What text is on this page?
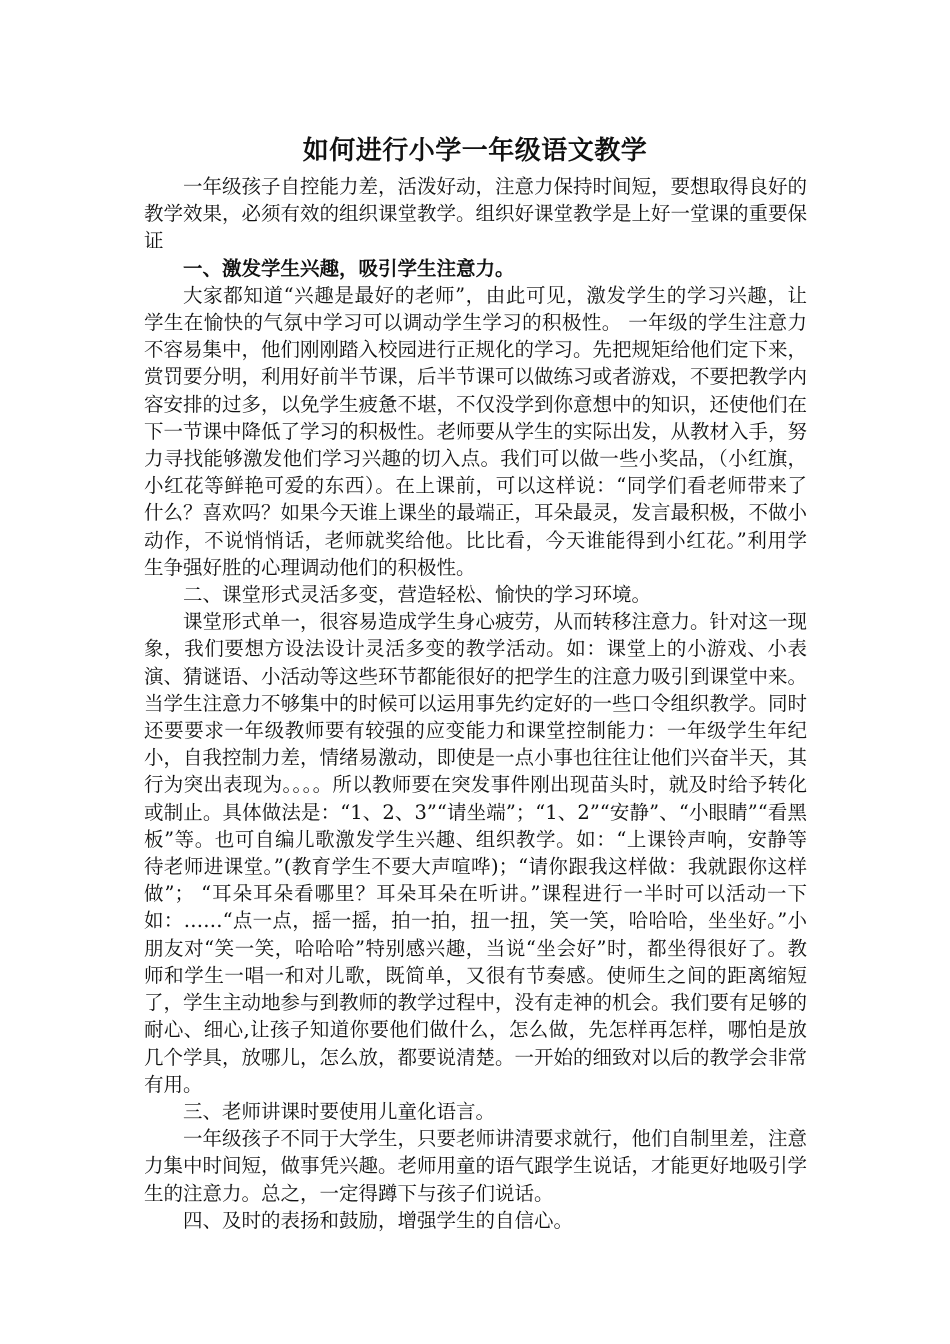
如何进行小学一年级语文教学

一年级孩子自控能力差，活泼好动，注意力保持时间短，要想取得良好的教学效果，必须有效的组织课堂教学。组织好课堂教学是上好一堂课的重要保证

一、激发学生兴趣，吸引学生注意力。

大家都知道“兴趣是最好的老师”，由此可见，激发学生的学习兴趣，让学生在愉快的气氛中学习可以调动学生学习的积极性。 一年级的学生注意力不容易集中，他们刚刚踏入校园进行正规化的学习。先把规矩给他们定下来，赏罚要分明，利用好前半节课，后半节课可以做练习或者游戏，不要把教学内容安排的过多，以免学生疲惫不堪，不仅没学到你意想中的知识，还使他们在下一节课中降低了学习的积极性。老师要从学生的实际出发，从教材入手，努力寻找能够激发他们学习兴趣的切入点。我们可以做一些小奖品，（小红旗，小红花等鲜艳可爱的东西）。在上课前，可以这样说：“同学们看老师带来了什么？喜欢吗？如果今天谁上课坐的最端正，耳朵最灵，发言最积极，不做小动作，不说悄悄话，老师就奖给他。比比看，今天谁能得到小红花。”利用学生争强好胜的心理调动他们的积极性。

二、课堂形式灵活多变，营造轻松、愉快的学习环境。

课堂形式单一，很容易造成学生身心疲劳，从而转移注意力。针对这一现象，我们要想方设法设计灵活多变的教学活动。如：课堂上的小游戏、小表演、猜谜语、小活动等这些环节都能很好的把学生的注意力吸引到课堂中来。当学生注意力不够集中的时候可以运用事先约定好的一些口令组织教学。同时还要要求一年级教师要有较强的应变能力和课堂控制能力：一年级学生年纪小，自我控制力差，情绪易激动，即使是一点小事也往往让他们兴奋半天，其行为突出表现为。。。。所以教师要在突发事件刚出现苗头时，就及时给予转化或制止。具体做法是：“1、2、3”“请坐端”；“1、2”“安静”、“小眼睛”“看黑板”等。也可自编儿歌激发学生兴趣、组织教学。如：“上课铃声响，安静等待老师进课堂。”(教育学生不要大声喧哗)；“请你跟我这样做：我就跟你这样做”； “耳朵耳朵看哪里？耳朵耳朵在听讲。”课程进行一半时可以活动一下如：……“点一点，摇一摇，拍一拍，扭一扭，笑一笑，哈哈哈，坐坐好。”小朋友对“笑一笑，哈哈哈”特别感兴趣，当说“坐会好”时，都坐得很好了。教师和学生一唱一和对儿歌，既简单，又很有节奏感。使师生之间的距离缩短了，学生主动地参与到教师的教学过程中，没有走神的机会。我们要有足够的耐心、细心,让孩子知道你要他们做什么，怎么做，先怎样再怎样，哪怕是放几个学具，放哪儿，怎么放，都要说清楚。一开始的细致对以后的教学会非常有用。

三、老师讲课时要使用儿童化语言。

一年级孩子不同于大学生，只要老师讲清要求就行，他们自制里差，注意力集中时间短，做事凭兴趣。老师用童的语气跟学生说话，才能更好地吸引学生的注意力。总之，一定得蹲下与孩子们说话。

四、及时的表扬和鼓励，增强学生的自信心。
